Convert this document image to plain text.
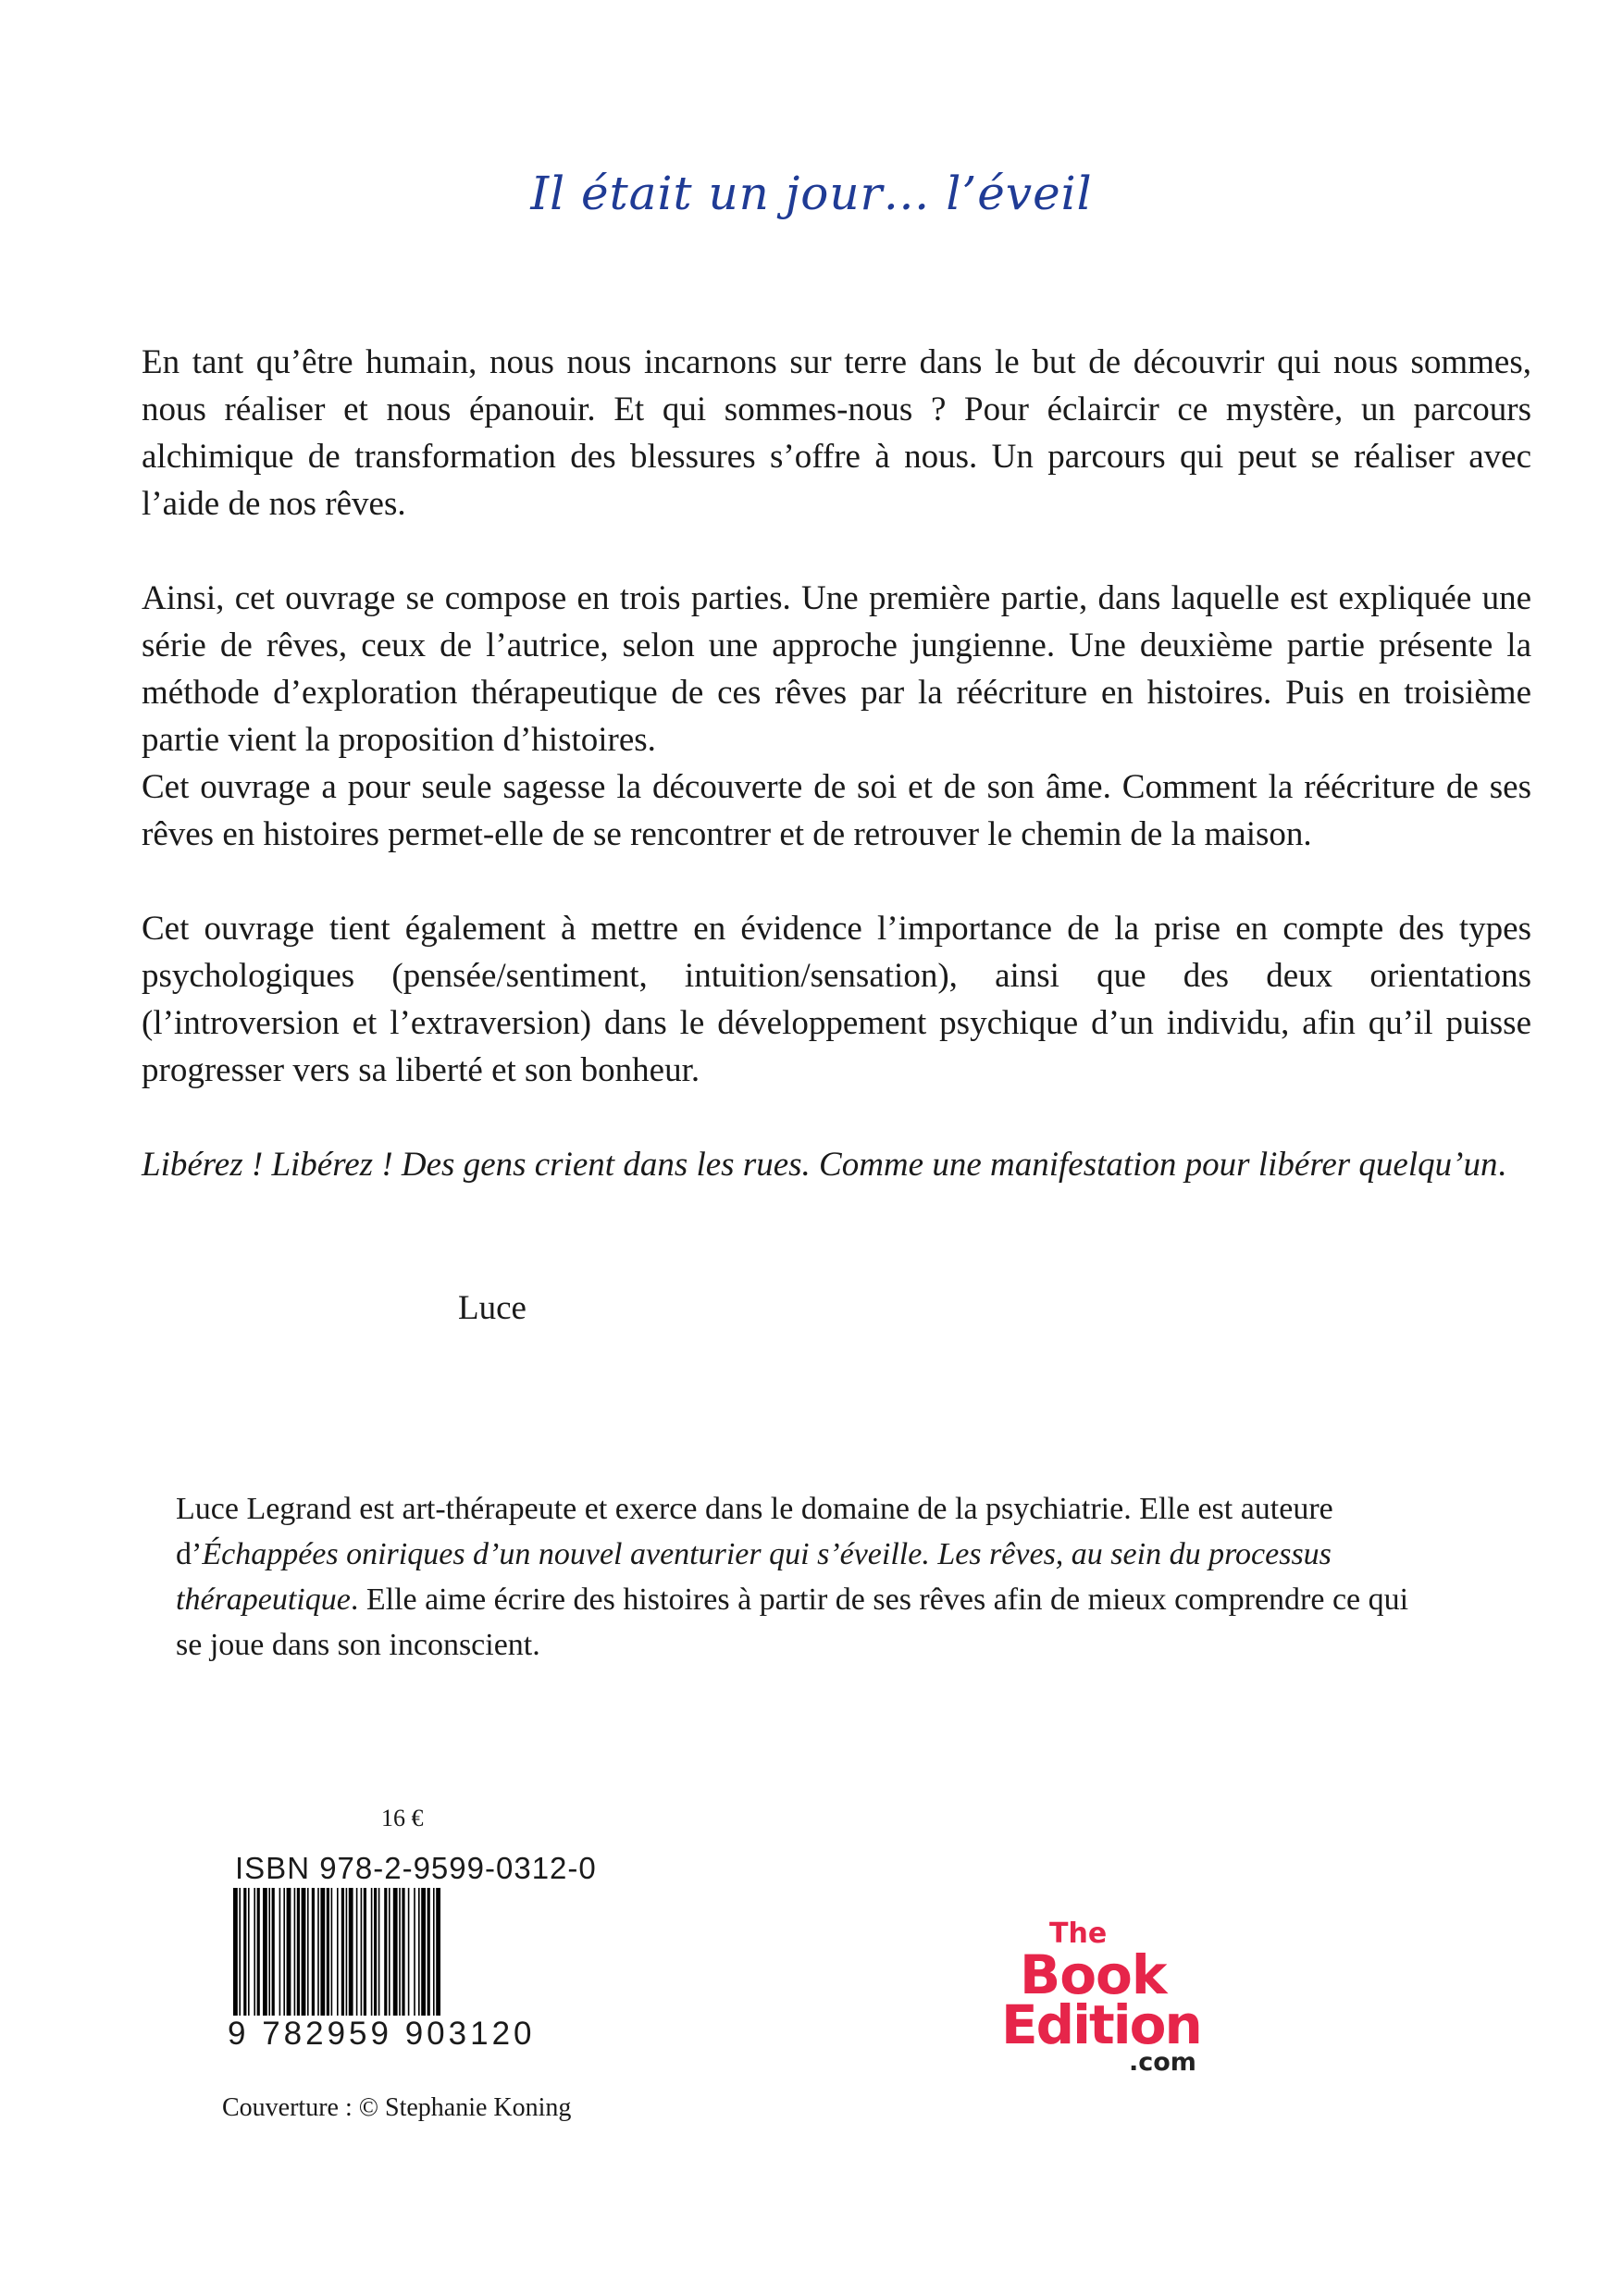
Il était un jour… l’éveil

En tant qu’être humain, nous nous incarnons sur terre dans le but de découvrir qui nous sommes, nous réaliser et nous épanouir. Et qui sommes-nous ? Pour éclaircir ce mystère, un parcours alchimique de transformation des blessures s’offre à nous. Un parcours qui peut se réaliser avec l’aide de nos rêves.

Ainsi, cet ouvrage se compose en trois parties. Une première partie, dans laquelle est expliquée une série de rêves, ceux de l’autrice, selon une approche jungienne. Une deuxième partie présente la méthode d’exploration thérapeutique de ces rêves par la réécriture en histoires. Puis en troisième partie vient la proposition d’histoires.

Cet ouvrage a pour seule sagesse la découverte de soi et de son âme. Comment la réécriture de ses rêves en histoires permet-elle de se rencontrer et de retrouver le chemin de la maison.

Cet ouvrage tient également à mettre en évidence l’importance de la prise en compte des types psychologiques (pensée/sentiment, intuition/sensation), ainsi que des deux orientations (l’introversion et l’extraversion) dans le développement psychique d’un individu, afin qu’il puisse progresser vers sa liberté et son bonheur.

Libérez ! Libérez ! Des gens crient dans les rues. Comme une manifestation pour libérer quelqu’un.

Luce

Luce Legrand est art-thérapeute et exerce dans le domaine de la psychiatrie. Elle est auteure d’Échappées oniriques d’un nouvel aventurier qui s’éveille. Les rêves, au sein du processus thérapeutique. Elle aime écrire des histoires à partir de ses rêves afin de mieux comprendre ce qui se joue dans son inconscient.

16 €
ISBN 978-2-9599-0312-0
9 782959 903120
Couverture : © Stephanie Koning
The
Book
Edition
.com
